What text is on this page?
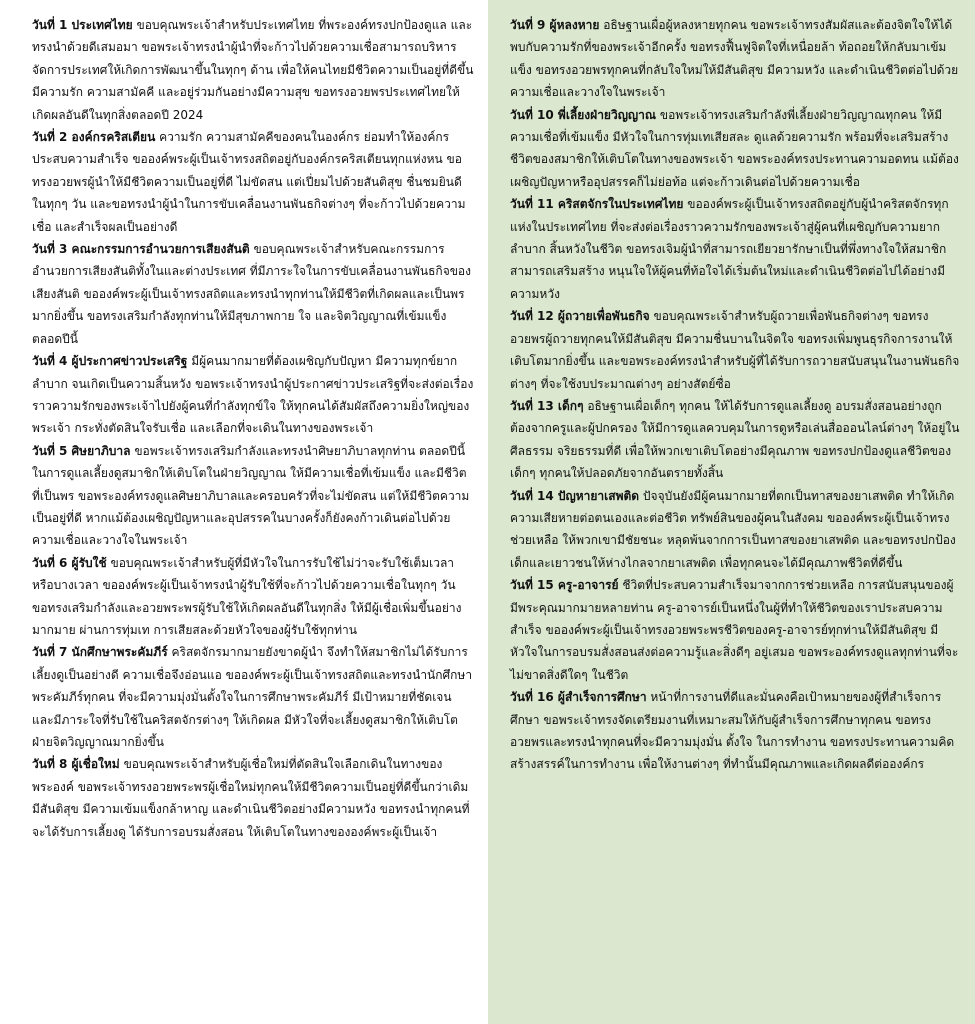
วันที่ 1 ประเทศไทย ขอบคุณพระเจ้าสำหรับประเทศไทย ที่พระองค์ทรงปกป้องดูแล และทรงนำด้วยดีเสมอมา ขอพระเจ้าทรงนำผู้นำที่จะก้าวไปด้วยความเชื่อสามารถบริหารจัดการประเทศให้เกิดการพัฒนาขึ้นในทุกๆ ด้าน เพื่อให้คนไทยมีชีวิตความเป็นอยู่ที่ดีขึ้น มีความรัก ความสามัคคี และอยู่ร่วมกันอย่างมีความสุข ขอทรงอวยพรประเทศไทยให้เกิดผลอันดีในทุกสิ่งตลอดปี 2024

วันที่ 2 องค์กรคริสเตียน ความรัก ความสามัคคีของคนในองค์กร ย่อมทำให้องค์กรประสบความสำเร็จ ขอองค์พระผู้เป็นเจ้าทรงสถิตอยู่กับองค์กรคริสเตียนทุกแห่งหน ขอทรงอวยพรผู้นำให้มีชีวิตความเป็นอยู่ที่ดี ไม่ขัดสน แต่เปี่ยมไปด้วยสันติสุข ชื่นชมยินดีในทุกๆ วัน และขอทรงนำผู้นำในการขับเคลื่อนงานพันธกิจต่างๆ ที่จะก้าวไปด้วยความเชื่อ และสำเร็จผลเป็นอย่างดี

วันที่ 3 คณะกรรมการอำนวยการเสียงสันติ ขอบคุณพระเจ้าสำหรับคณะกรรมการอำนวยการเสียงสันติทั้งในและต่างประเทศ ที่มีภาระใจในการขับเคลื่อนงานพันธกิจของเสียงสันติ ขอองค์พระผู้เป็นเจ้าทรงสถิตและทรงนำทุกท่านให้มีชีวิตที่เกิดผลและเป็นพรมากยิ่งขึ้น ขอทรงเสริมกำลังทุกท่านให้มีสุขภาพกาย ใจ และจิตวิญญาณที่เข้มแข็งตลอดปีนี้

วันที่ 4 ผู้ประกาศข่าวประเสริฐ มีผู้คนมากมายที่ต้องเผชิญกับปัญหา มีความทุกข์ยากลำบาก จนเกิดเป็นความสิ้นหวัง ขอพระเจ้าทรงนำผู้ประกาศข่าวประเสริฐที่จะส่งต่อเรื่องราวความรักของพระเจ้าไปยังผู้คนที่กำลังทุกข์ใจ ให้ทุกคนได้สัมผัสถึงความยิ่งใหญ่ของพระเจ้า กระทั่งตัดสินใจรับเชื่อ และเลือกที่จะเดินในทางของพระเจ้า

วันที่ 5 ศิษยาภิบาล ขอพระเจ้าทรงเสริมกำลังและทรงนำศิษยาภิบาลทุกท่าน ตลอดปีนี้ ในการดูแลเลี้ยงดูสมาชิกให้เติบโตในฝ่ายวิญญาณ ให้มีความเชื่อที่เข้มแข็ง และมีชีวิตที่เป็นพร ขอพระองค์ทรงดูแลศิษยาภิบาลและครอบครัวที่จะไม่ขัดสน แต่ให้มีชีวิตความเป็นอยู่ที่ดี หากแม้ต้องเผชิญปัญหาและอุปสรรคในบางครั้งก็ยังคงก้าวเดินต่อไปด้วยความเชื่อและวางใจในพระเจ้า

วันที่ 6 ผู้รับใช้ ขอบคุณพระเจ้าสำหรับผู้ที่มีหัวใจในการรับใช้ไม่ว่าจะรับใช้เต็มเวลาหรือบางเวลา ขอองค์พระผู้เป็นเจ้าทรงนำผู้รับใช้ที่จะก้าวไปด้วยความเชื่อในทุกๆ วัน ขอทรงเสริมกำลังและอวยพระพรผู้รับใช้ให้เกิดผลอันดีในทุกสิ่ง ให้มีผู้เชื่อเพิ่มขึ้นอย่างมากมาย ผ่านการทุ่มเท การเสียสละด้วยหัวใจของผู้รับใช้ทุกท่าน

วันที่ 7 นักศึกษาพระคัมภีร์ คริสตจักรมากมายยังขาดผู้นำ จึงทำให้สมาชิกไม่ได้รับการเลี้ยงดูเป็นอย่างดี ความเชื่อจึงอ่อนแอ ขอองค์พระผู้เป็นเจ้าทรงสถิตและทรงนำนักศึกษาพระคัมภีร์ทุกคน ที่จะมีความมุ่งมั่นตั้งใจในการศึกษาพระคัมภีร์ มีเป้าหมายที่ชัดเจน และมีภาระใจที่รับใช้ในคริสตจักรต่างๆ ให้เกิดผล มีหัวใจที่จะเลี้ยงดูสมาชิกให้เติบโตฝ่ายจิตวิญญาณมากยิ่งขึ้น

วันที่ 8 ผู้เชื่อใหม่ ขอบคุณพระเจ้าสำหรับผู้เชื่อใหม่ที่ตัดสินใจเลือกเดินในทางของพระองค์ ขอพระเจ้าทรงอวยพระพรผู้เชื่อใหม่ทุกคนให้มีชีวิตความเป็นอยู่ที่ดีขึ้นกว่าเดิม มีสันติสุข มีความเข้มแข็งกล้าหาญ และดำเนินชีวิตอย่างมีความหวัง ขอทรงนำทุกคนที่จะได้รับการเลี้ยงดู ได้รับการอบรมสั่งสอน ให้เติบโตในทางขององค์พระผู้เป็นเจ้า

วันที่ 9 ผู้หลงหาย อธิษฐานเผื่อผู้หลงหายทุกคน ขอพระเจ้าทรงสัมผัสและต้องจิตใจให้ได้พบกับความรักที่ของพระเจ้าอีกครั้ง ขอทรงฟื้นฟูจิตใจที่เหนื่อยล้า ท้อถอยให้กลับมาเข้มแข็ง ขอทรงอวยพรทุกคนที่กลับใจใหม่ให้มีสันติสุข มีความหวัง และดำเนินชีวิตต่อไปด้วยความเชื่อและวางใจในพระเจ้า

วันที่ 10 พี่เลี้ยงฝ่ายวิญญาณ ขอพระเจ้าทรงเสริมกำลังพี่เลี้ยงฝ่ายวิญญาณทุกคน ให้มีความเชื่อที่เข้มแข็ง มีหัวใจในการทุ่มเทเสียสละ ดูแลด้วยความรัก พร้อมที่จะเสริมสร้างชีวิตของสมาชิกให้เติบโตในทางของพระเจ้า ขอพระองค์ทรงประทานความอดทน แม้ต้องเผชิญปัญหาหรืออุปสรรคก็ไม่ย่อท้อ แต่จะก้าวเดินต่อไปด้วยความเชื่อ

วันที่ 11 คริสตจักรในประเทศไทย ขอองค์พระผู้เป็นเจ้าทรงสถิตอยู่กับผู้นำคริสตจักรทุกแห่งในประเทศไทย ที่จะส่งต่อเรื่องราวความรักของพระเจ้าสู่ผู้คนที่เผชิญกับความยากลำบาก สิ้นหวังในชีวิต ขอทรงเจิมผู้นำที่สามารถเยียวยารักษาเป็นที่พึ่งทางใจให้สมาชิก สามารถเสริมสร้าง หนุนใจให้ผู้คนที่ท้อใจได้เริ่มต้นใหม่และดำเนินชีวิตต่อไปได้อย่างมีความหวัง

วันที่ 12 ผู้ถวายเพื่อพันธกิจ ขอบคุณพระเจ้าสำหรับผู้ถวายเพื่อพันธกิจต่างๆ ขอทรงอวยพรผู้ถวายทุกคนให้มีสันติสุข มีความชื่นบานในจิตใจ ขอทรงเพิ่มพูนธุรกิจการงานให้เติบโตมากยิ่งขึ้น และขอพระองค์ทรงนำสำหรับผู้ที่ได้รับการถวายสนับสนุนในงานพันธกิจต่างๆ ที่จะใช้งบประมาณต่างๆ อย่างสัตย์ซื่อ

วันที่ 13 เด็กๆ อธิษฐานเผื่อเด็กๆ ทุกคน ให้ได้รับการดูแลเลี้ยงดู อบรมสั่งสอนอย่างถูกต้องจากครูและผู้ปกครอง ให้มีการดูแลควบคุมในการดูหรือเล่นสื่อออนไลน์ต่างๆ ให้อยู่ในศีลธรรม จริยธรรมที่ดี เพื่อให้พวกเขาเติบโตอย่างมีคุณภาพ ขอทรงปกป้องดูแลชีวิตของเด็กๆ ทุกคนให้ปลอดภัยจากอันตรายทั้งสิ้น

วันที่ 14 ปัญหายาเสพติด ปัจจุบันยังมีผู้คนมากมายที่ตกเป็นทาสของยาเสพติด ทำให้เกิดความเสียหายต่อตนเองและต่อชีวิต ทรัพย์สินของผู้คนในสังคม ขอองค์พระผู้เป็นเจ้าทรงช่วยเหลือ ให้พวกเขามีชัยชนะ หลุดพ้นจากการเป็นทาสของยาเสพติด และขอทรงปกป้องเด็กและเยาวชนให้ห่างไกลจากยาเสพติด เพื่อทุกคนจะได้มีคุณภาพชีวิตที่ดีขึ้น

วันที่ 15 ครู-อาจารย์ ชีวิตที่ประสบความสำเร็จมาจากการช่วยเหลือ การสนับสนุนของผู้มีพระคุณมากมายหลายท่าน ครู-อาจารย์เป็นหนึ่งในผู้ที่ทำให้ชีวิตของเราประสบความสำเร็จ ขอองค์พระผู้เป็นเจ้าทรงอวยพระพรชีวิตของครู-อาจารย์ทุกท่านให้มีสันติสุข มีหัวใจในการอบรมสั่งสอนส่งต่อความรู้และสิ่งดีๆ อยู่เสมอ ขอพระองค์ทรงดูแลทุกท่านที่จะไม่ขาดสิ่งดีใดๆ ในชีวิต

วันที่ 16 ผู้สำเร็จการศึกษา หน้าที่การงานที่ดีและมั่นคงคือเป้าหมายของผู้ที่สำเร็จการศึกษา ขอพระเจ้าทรงจัดเตรียมงานที่เหมาะสมให้กับผู้สำเร็จการศึกษาทุกคน ขอทรงอวยพรและทรงนำทุกคนที่จะมีความมุ่งมั่น ตั้งใจ ในการทำงาน ขอทรงประทานความคิดสร้างสรรค์ในการทำงาน เพื่อให้งานต่างๆ ที่ทำนั้นมีคุณภาพและเกิดผลดีต่อองค์กร
